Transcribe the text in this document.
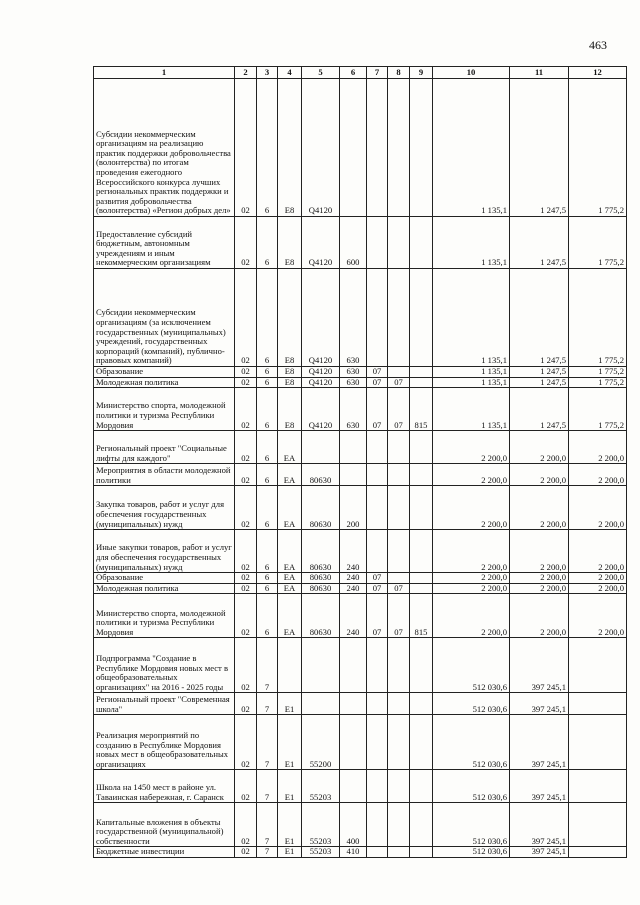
463
1	2	3	4	5	6	7	8	9	10	11	12
Субсидии некоммерческим организациям на реализацию практик поддержки добровольчества (волонтерства) по итогам проведения ежегодного Всероссийского конкурса лучших региональных практик поддержки и развития добровольчества (волонтерства) «Регион добрых дел»	02	6	E8	Q4120					1 135,1	1 247,5	1 775,2
Предоставление субсидий бюджетным, автономным учреждениям и иным некоммерческим организациям	02	6	E8	Q4120	600				1 135,1	1 247,5	1 775,2
Субсидии некоммерческим организациям (за исключением государственных (муниципальных) учреждений, государственных корпораций (компаний), публично-правовых компаний)	02	6	E8	Q4120	630				1 135,1	1 247,5	1 775,2
Образование	02	6	E8	Q4120	630	07			1 135,1	1 247,5	1 775,2
Молодежная политика	02	6	E8	Q4120	630	07	07		1 135,1	1 247,5	1 775,2
Министерство спорта, молодежной политики и туризма Республики Мордовия	02	6	E8	Q4120	630	07	07	815	1 135,1	1 247,5	1 775,2
Региональный проект "Социальные лифты для каждого"	02	6	EA						2 200,0	2 200,0	2 200,0
Мероприятия в области молодежной политики	02	6	EA	80630					2 200,0	2 200,0	2 200,0
Закупка товаров, работ и услуг для обеспечения государственных (муниципальных) нужд	02	6	EA	80630	200				2 200,0	2 200,0	2 200,0
Иные закупки товаров, работ и услуг для обеспечения государственных (муниципальных) нужд	02	6	EA	80630	240				2 200,0	2 200,0	2 200,0
Образование	02	6	EA	80630	240	07			2 200,0	2 200,0	2 200,0
Молодежная политика	02	6	EA	80630	240	07	07		2 200,0	2 200,0	2 200,0
Министерство спорта, молодежной политики и туризма Республики Мордовия	02	6	EA	80630	240	07	07	815	2 200,0	2 200,0	2 200,0
Подпрограмма "Создание в Республике Мордовия новых мест в общеобразовательных организациях" на 2016 - 2025 годы	02	7							512 030,6	397 245,1	
Региональный проект "Современная школа"	02	7	E1						512 030,6	397 245,1	
Реализация мероприятий по созданию в Республике Мордовия новых мест в общеобразовательных организациях	02	7	E1	55200					512 030,6	397 245,1	
Школа на 1450 мест в районе ул. Таваинская набережная, г. Саранск	02	7	E1	55203					512 030,6	397 245,1	
Капитальные вложения в объекты государственной (муниципальной) собственности	02	7	E1	55203	400				512 030,6	397 245,1	
Бюджетные инвестиции	02	7	E1	55203	410				512 030,6	397 245,1	
